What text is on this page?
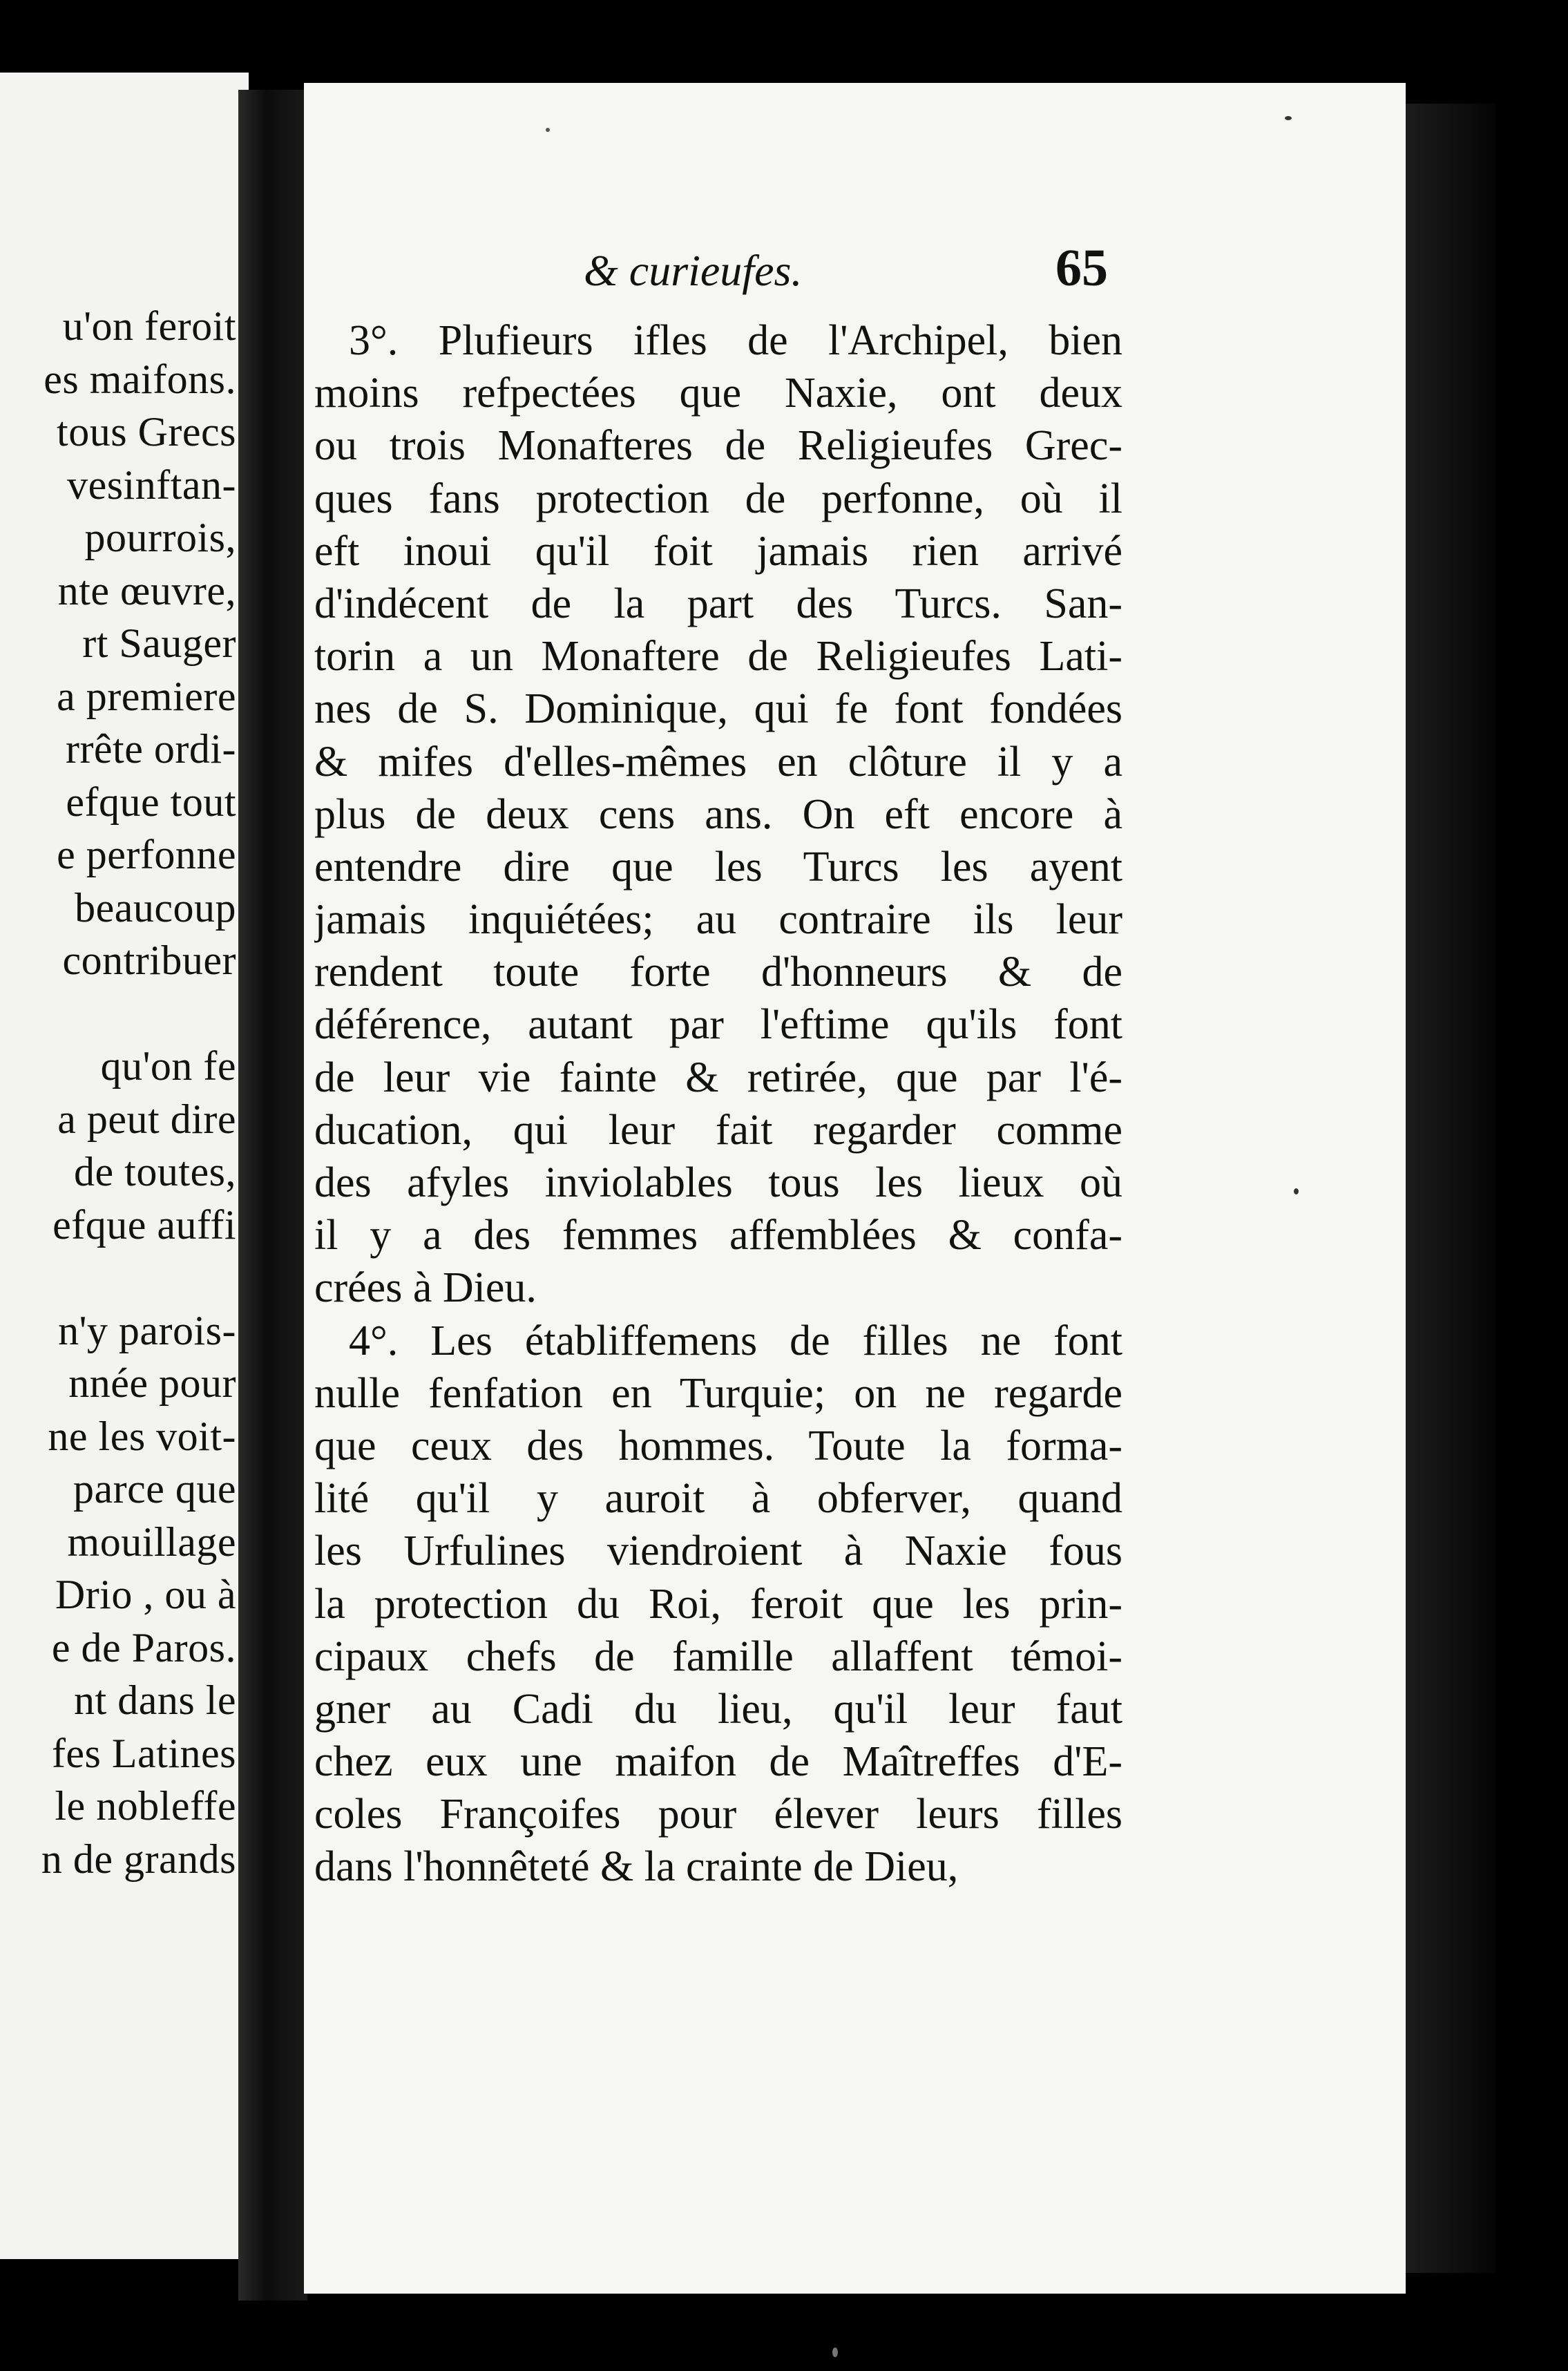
u'on feroit
es maifons.
tous Grecs
vesinftan-
pourrois,
nte œuvre,
rt Sauger
a premiere
rrête ordi-
efque tout
e perfonne
beaucoup
contribuer
qu'on fe
a peut dire
de toutes,
efque auffi
n'y parois-
nnée pour
ne les voit-
parce que
mouillage
Drio , ou à
e de Paros.
nt dans le
fes Latines
le nobleffe
n de grands
& curieufes.	65
3°. Plufieurs ifles de l'Archipel, bien
moins refpectées que Naxie, ont deux
ou trois Monafteres de Religieufes Grec-
ques fans protection de perfonne, où il
eft inoui qu'il foit jamais rien arrivé
d'indécent de la part des Turcs. San-
torin a un Monaftere de Religieufes Lati-
nes de S. Dominique, qui fe font fondées
& mifes d'elles-mêmes en clôture il y a
plus de deux cens ans. On eft encore à
entendre dire que les Turcs les ayent
jamais inquiétées; au contraire ils leur
rendent toute forte d'honneurs & de
déférence, autant par l'eftime qu'ils font
de leur vie fainte & retirée, que par l'é-
ducation, qui leur fait regarder comme
des afyles inviolables tous les lieux où
il y a des femmes affemblées & confa-
crées à Dieu.
4°. Les établiffemens de filles ne font
nulle fenfation en Turquie; on ne regarde
que ceux des hommes. Toute la forma-
lité qu'il y auroit à obferver, quand
les Urfulines viendroient à Naxie fous
la protection du Roi, feroit que les prin-
cipaux chefs de famille allaffent témoi-
gner au Cadi du lieu, qu'il leur faut
chez eux une maifon de Maîtreffes d'E-
coles Françoifes pour élever leurs filles
dans l'honnêteté & la crainte de Dieu,
